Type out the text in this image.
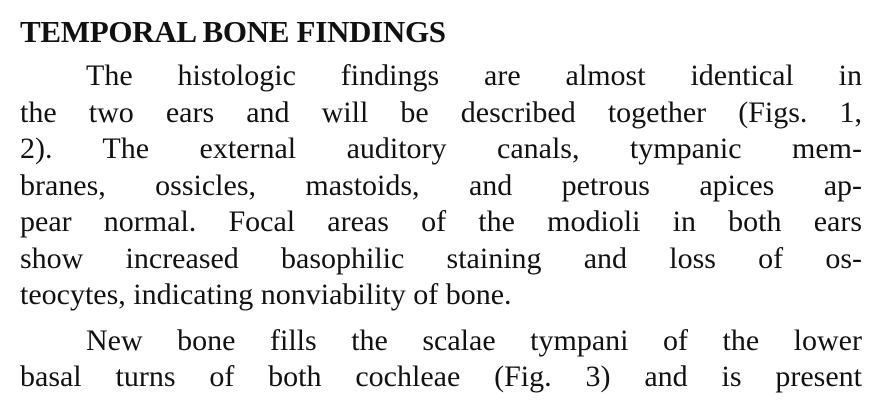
TEMPORAL BONE FINDINGS

The histologic findings are almost identical in
the two ears and will be described together (Figs. 1,
2). The external auditory canals, tympanic mem-
branes, ossicles, mastoids, and petrous apices ap-
pear normal. Focal areas of the modioli in both ears
show increased basophilic staining and loss of os-
teocytes, indicating nonviability of bone.

New bone fills the scalae tympani of the lower
basal turns of both cochleae (Fig. 3) and is present
